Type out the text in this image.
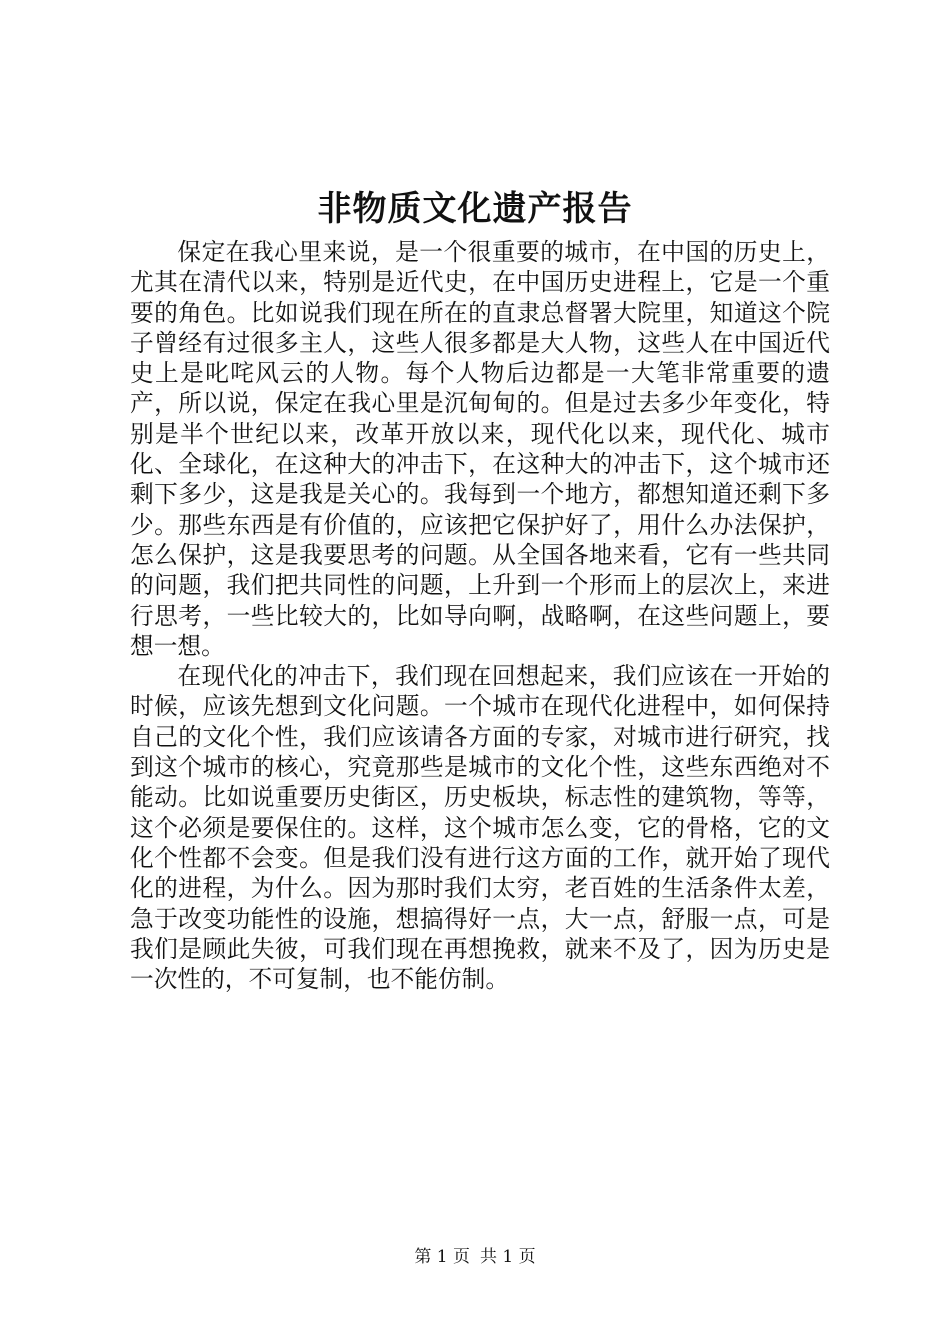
非物质文化遗产报告

保定在我心里来说，是一个很重要的城市，在中国的历史上，尤其在清代以来，特别是近代史，在中国历史进程上，它是一个重要的角色。比如说我们现在所在的直隶总督署大院里，知道这个院子曾经有过很多主人，这些人很多都是大人物，这些人在中国近代史上是叱咤风云的人物。每个人物后边都是一大笔非常重要的遗产，所以说，保定在我心里是沉甸甸的。但是过去多少年变化，特别是半个世纪以来，改革开放以来，现代化以来，现代化、城市化、全球化，在这种大的冲击下，在这种大的冲击下，这个城市还剩下多少，这是我是关心的。我每到一个地方，都想知道还剩下多少。那些东西是有价值的，应该把它保护好了，用什么办法保护，怎么保护，这是我要思考的问题。从全国各地来看，它有一些共同的问题，我们把共同性的问题，上升到一个形而上的层次上，来进行思考，一些比较大的，比如导向啊，战略啊，在这些问题上，要想一想。

在现代化的冲击下，我们现在回想起来，我们应该在一开始的时候，应该先想到文化问题。一个城市在现代化进程中，如何保持自己的文化个性，我们应该请各方面的专家，对城市进行研究，找到这个城市的核心，究竟那些是城市的文化个性，这些东西绝对不能动。比如说重要历史街区，历史板块，标志性的建筑物，等等，这个必须是要保住的。这样，这个城市怎么变，它的骨格，它的文化个性都不会变。但是我们没有进行这方面的工作，就开始了现代化的进程，为什么。因为那时我们太穷，老百姓的生活条件太差，急于改变功能性的设施，想搞得好一点，大一点，舒服一点，可是我们是顾此失彼，可我们现在再想挽救，就来不及了，因为历史是一次性的，不可复制，也不能仿制。

第 1 页 共 1 页
